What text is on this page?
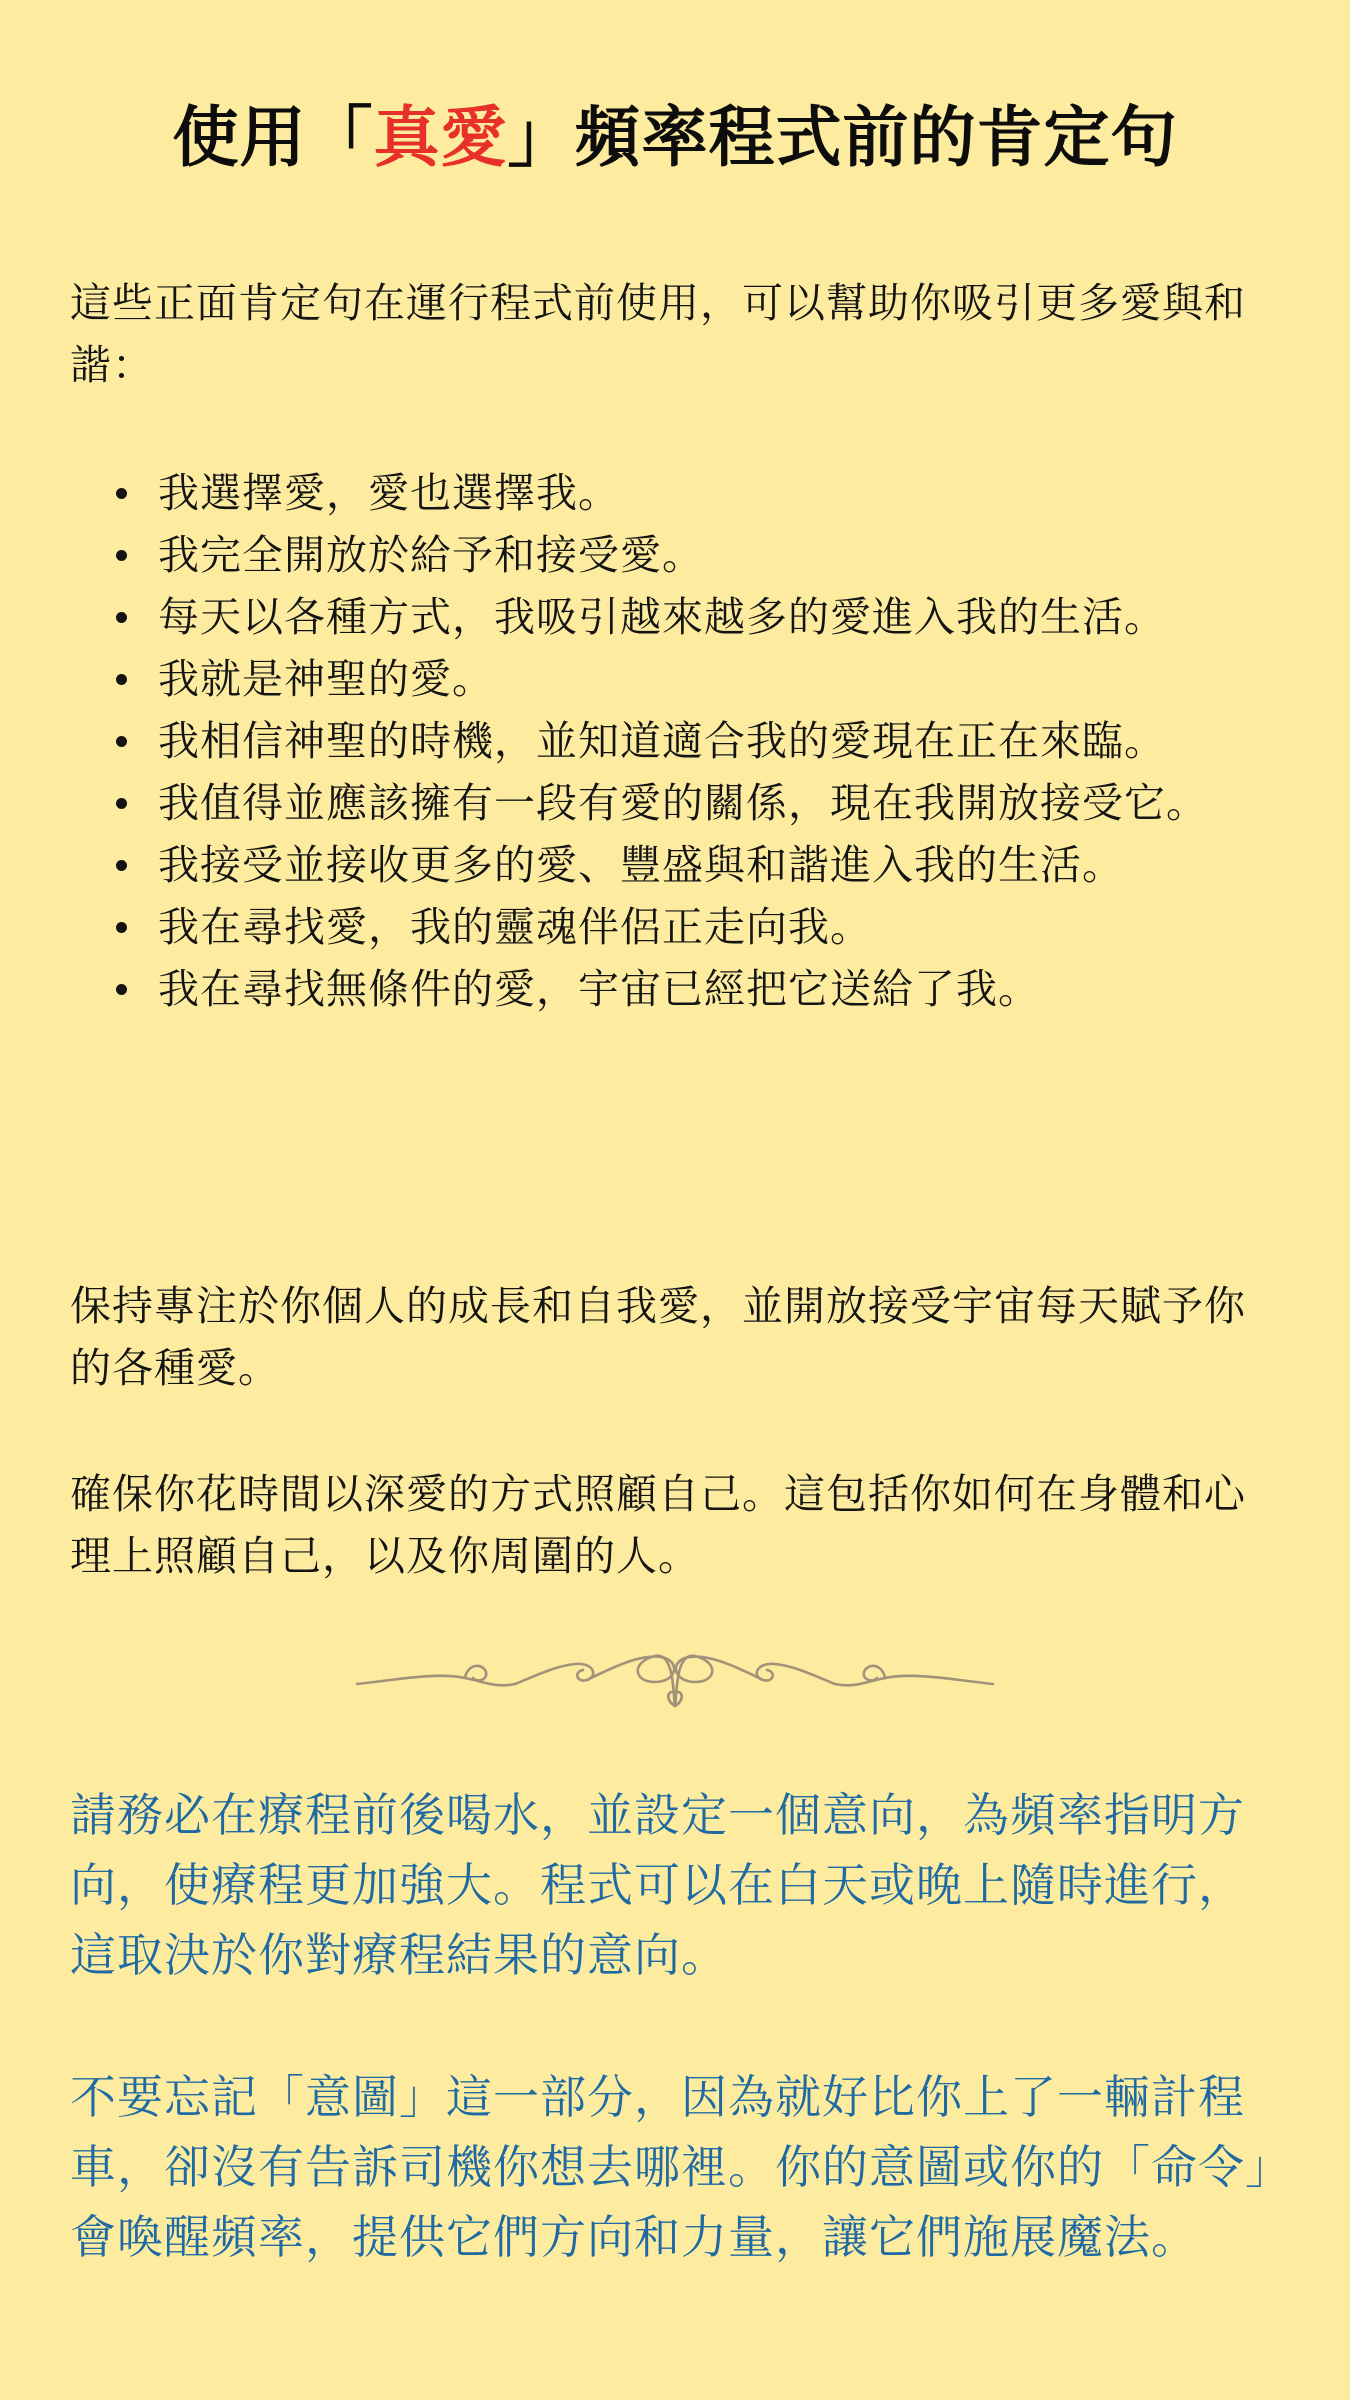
使用「真愛」頻率程式前的肯定句

這些正面肯定句在運行程式前使用，可以幫助你吸引更多愛與和諧：

我選擇愛，愛也選擇我。
我完全開放於給予和接受愛。
每天以各種方式，我吸引越來越多的愛進入我的生活。
我就是神聖的愛。
我相信神聖的時機，並知道適合我的愛現在正在來臨。
我值得並應該擁有一段有愛的關係，現在我開放接受它。
我接受並接收更多的愛、豐盛與和諧進入我的生活。
我在尋找愛，我的靈魂伴侶正走向我。
我在尋找無條件的愛，宇宙已經把它送給了我。

保持專注於你個人的成長和自我愛，並開放接受宇宙每天賦予你的各種愛。

確保你花時間以深愛的方式照顧自己。這包括你如何在身體和心理上照顧自己，以及你周圍的人。

請務必在療程前後喝水，並設定一個意向，為頻率指明方向，使療程更加強大。程式可以在白天或晚上隨時進行，這取決於你對療程結果的意向。

不要忘記「意圖」這一部分，因為就好比你上了一輛計程車，卻沒有告訴司機你想去哪裡。你的意圖或你的「命令」會喚醒頻率，提供它們方向和力量，讓它們施展魔法。
